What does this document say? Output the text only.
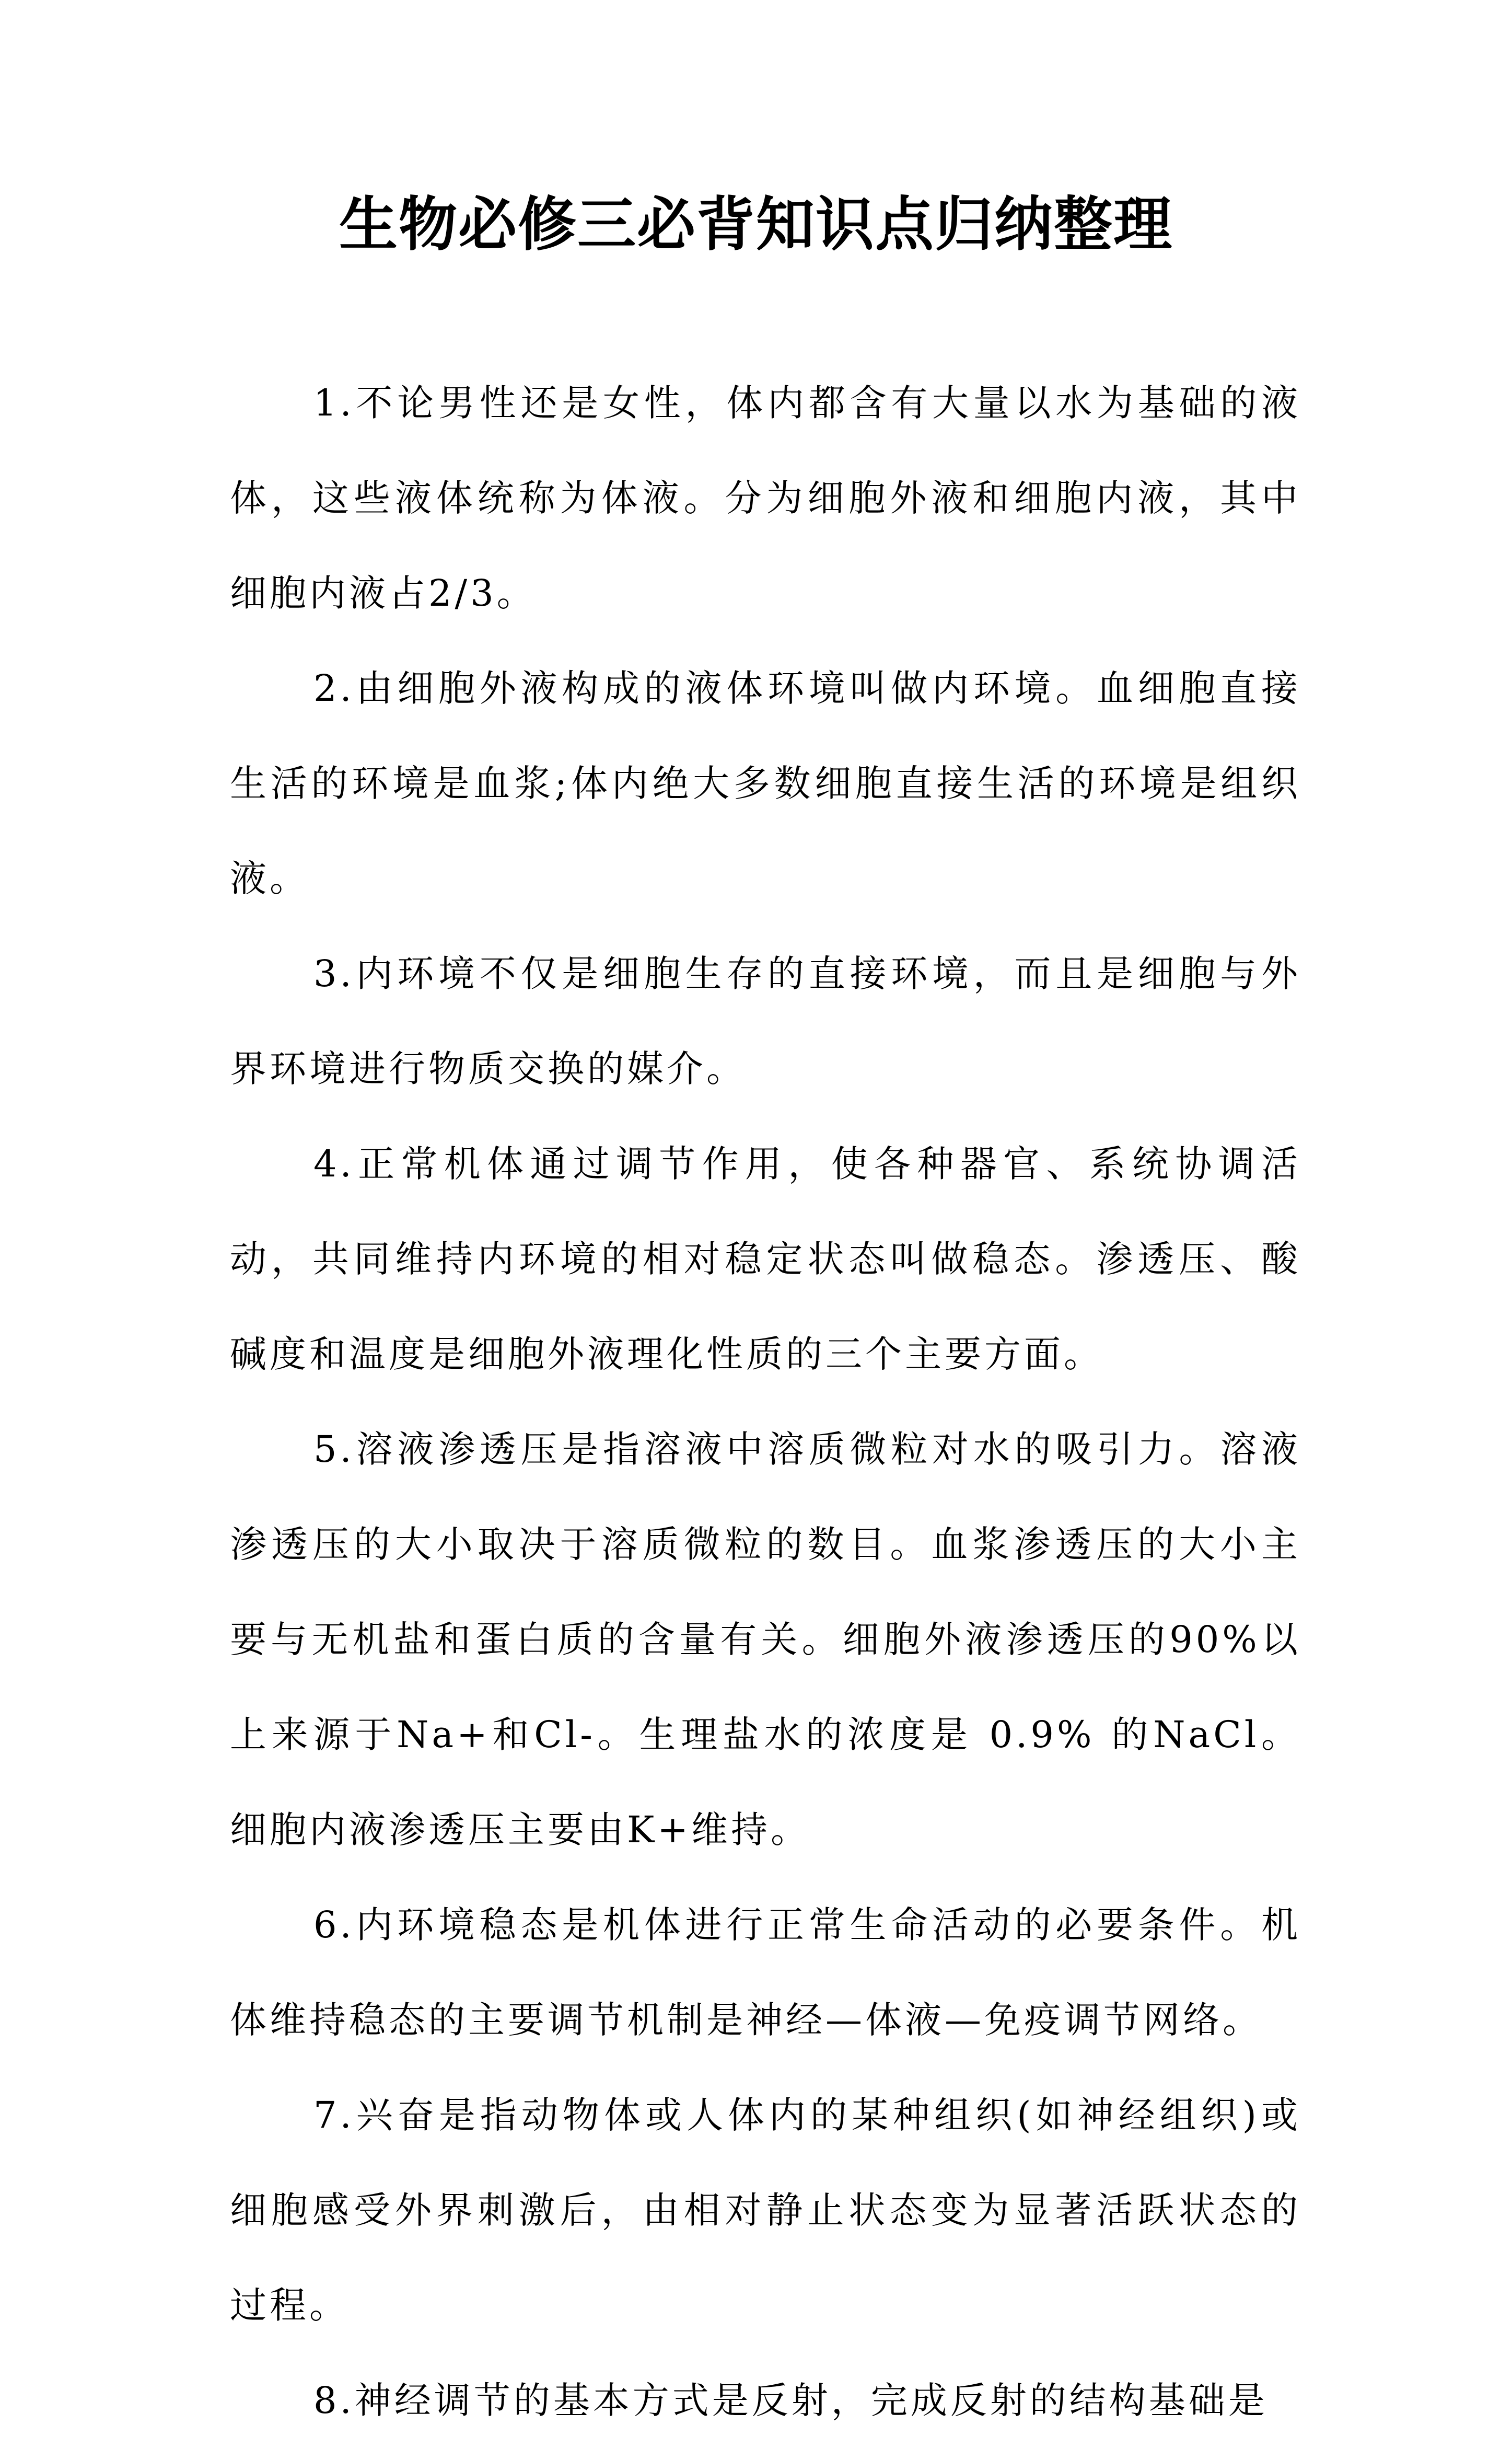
生物必修三必背知识点归纳整理

1.不论男性还是女性，体内都含有大量以水为基础的液体，这些液体统称为体液。分为细胞外液和细胞内液，其中细胞内液占2/3。

2.由细胞外液构成的液体环境叫做内环境。血细胞直接生活的环境是血浆;体内绝大多数细胞直接生活的环境是组织液。

3.内环境不仅是细胞生存的直接环境，而且是细胞与外界环境进行物质交换的媒介。

4.正常机体通过调节作用，使各种器官、系统协调活动，共同维持内环境的相对稳定状态叫做稳态。渗透压、酸碱度和温度是细胞外液理化性质的三个主要方面。

5.溶液渗透压是指溶液中溶质微粒对水的吸引力。溶液渗透压的大小取决于溶质微粒的数目。血浆渗透压的大小主要与无机盐和蛋白质的含量有关。细胞外液渗透压的90%以上来源于Na+和Cl-。生理盐水的浓度是 0.9% 的NaCl。细胞内液渗透压主要由K+维持。

6.内环境稳态是机体进行正常生命活动的必要条件。机体维持稳态的主要调节机制是神经—体液—免疫调节网络。

7.兴奋是指动物体或人体内的某种组织(如神经组织)或细胞感受外界刺激后，由相对静止状态变为显著活跃状态的过程。

8.神经调节的基本方式是反射，完成反射的结构基础是
